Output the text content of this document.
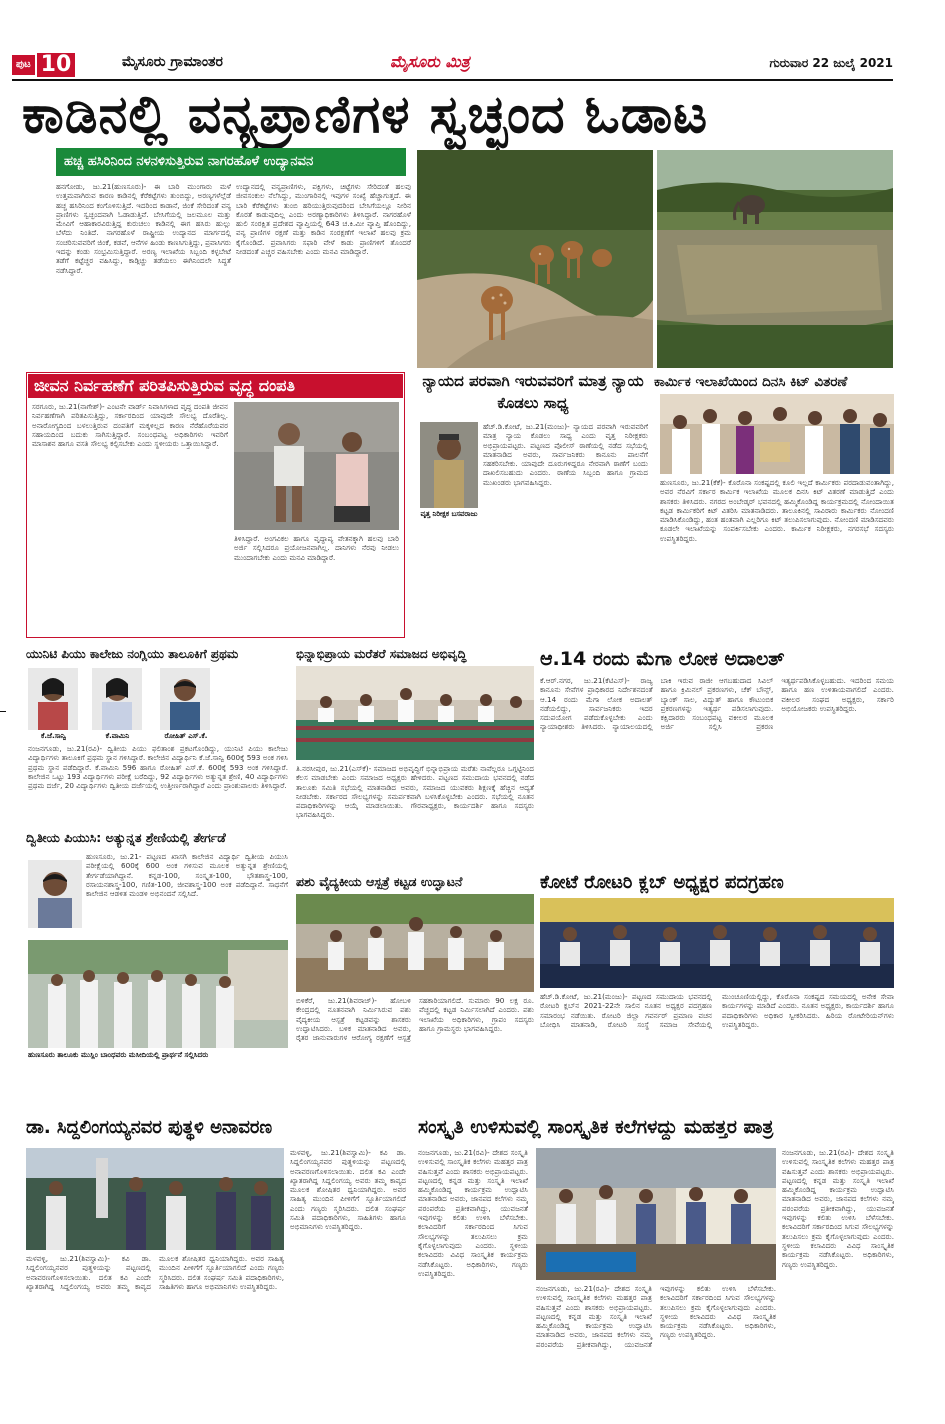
ಪುಟ 10	ಮೈಸೂರು ಗ್ರಾಮಾಂತರ	ಮೈಸೂರು ಮಿತ್ರ	ಗುರುವಾರ 22 ಜುಲೈ 2021
ಕಾಡಿನಲ್ಲಿ ವನ್ಯಪ್ರಾಣಿಗಳ ಸ್ವಚ್ಛಂದ ಓಡಾಟ
ಹಚ್ಚ ಹಸಿರಿನಿಂದ ನಳನಳಿಸುತ್ತಿರುವ ನಾಗರಹೊಳೆ ಉದ್ಯಾನವನ
ಹನಗೋಡು, ಜು.21(ಹುಣಸೂರು)- ಈ ಬಾರಿ ಮುಂಗಾರು ಮಳೆ ಉತ್ತಮವಾಗಿರುವ ಕಾರಣ ಕಾಡಿನಲ್ಲಿ ಕೆರೆಕಟ್ಟೆಗಳು ತುಂಬಿದ್ದು, ಅರಣ್ಯಗಳೆಲ್ಲೆಡೆ ಹಚ್ಚ ಹಸಿರಿನಿಂದ ಕಂಗೊಳಿಸುತ್ತಿದೆ. ಇದರಿಂದ ಕಾಡಾನೆ, ಜಿಂಕೆ ಸೇರಿದಂತೆ ವನ್ಯ ಪ್ರಾಣಿಗಳು ಸ್ವಚ್ಛಂದವಾಗಿ ಓಡಾಡುತ್ತಿವೆ. ಬೇಸಿಗೆಯಲ್ಲಿ ಜಲಮೂಲ ಮತ್ತು ಮೇವಿಗೆ ಆಹಾಕಾರವಿರುತ್ತಿದ್ದ ಕುರುಚಲು ಕಾಡಿನಲ್ಲಿ ಈಗ ಹಸಿರು ಹುಲ್ಲು ಬೆಳೆದು ನಿಂತಿದೆ. ನಾಗರಹೊಳೆ ರಾಷ್ಟ್ರೀಯ ಉದ್ಯಾನದ ಮಾರ್ಗದಲ್ಲಿ ಸಂಚರಿಸುವವರಿಗೆ ಜಿಂಕೆ, ಕಡವೆ, ಆನೆಗಳ ಹಿಂಡು ಕಾಣಸಿಗುತ್ತಿದ್ದು, ಪ್ರವಾಸಿಗರು ಇದನ್ನು ಕಂಡು ಸಂಭ್ರಮಿಸುತ್ತಿದ್ದಾರೆ. ಅರಣ್ಯ ಇಲಾಖೆಯ ಸಿಬ್ಬಂದಿ ಕಳ್ಳಬೇಟೆ ತಡೆಗೆ ಕಟ್ಟೆಚ್ಚರ ವಹಿಸಿದ್ದು, ಕಾಡ್ಗಿಚ್ಚು ತಡೆಯಲು ಈಗಿನಿಂದಲೇ ಸಿದ್ಧತೆ ನಡೆಸಿದ್ದಾರೆ.
ಉದ್ಯಾನದಲ್ಲಿ ವನ್ಯಪ್ರಾಣಿಗಳು, ಪಕ್ಷಿಗಳು, ಚಿಟ್ಟೆಗಳು ಸೇರಿದಂತೆ ಹಲವು ಜೀವಸಂಕುಲ ನೆಲೆಸಿದ್ದು, ಮುಂಗಾರಿನಲ್ಲಿ ಇವುಗಳ ಸಂಖ್ಯೆ ಹೆಚ್ಚಾಗುತ್ತದೆ. ಈ ಬಾರಿ ಕೆರೆಕಟ್ಟೆಗಳು ತುಂಬಿ ಹರಿಯುತ್ತಿರುವುದರಿಂದ ಬೇಸಿಗೆಯಲ್ಲೂ ನೀರಿನ ಕೊರತೆ ಕಾಡುವುದಿಲ್ಲ ಎಂದು ಅರಣ್ಯಾಧಿಕಾರಿಗಳು ತಿಳಿಸಿದ್ದಾರೆ. ನಾಗರಹೊಳೆ ಹುಲಿ ಸಂರಕ್ಷಿತ ಪ್ರದೇಶದ ವ್ಯಾಪ್ತಿಯಲ್ಲಿ 643 ಚ.ಕಿ.ಮೀ ವ್ಯಾಪ್ತಿ ಹೊಂದಿದ್ದು, ವನ್ಯ ಪ್ರಾಣಿಗಳ ರಕ್ಷಣೆ ಮತ್ತು ಕಾಡಿನ ಸಂರಕ್ಷಣೆಗೆ ಇಲಾಖೆ ಹಲವು ಕ್ರಮ ಕೈಗೊಂಡಿದೆ. ಪ್ರವಾಸಿಗರು ಸಫಾರಿ ವೇಳೆ ಕಾಡು ಪ್ರಾಣಿಗಳಿಗೆ ತೊಂದರೆ ನೀಡದಂತೆ ಎಚ್ಚರ ವಹಿಸಬೇಕು ಎಂದು ಮನವಿ ಮಾಡಿದ್ದಾರೆ.
ಜೀವನ ನಿರ್ವಹಣೆಗೆ ಪರಿತಪಿಸುತ್ತಿರುವ ವೃದ್ಧ ದಂಪತಿ
ಸರಗೂರು, ಜು.21(ನಾಗೇಶ್)- ಎಂಟನೇ ವಾರ್ಡ್ ನಿವಾಸಿಗಳಾದ ವೃದ್ಧ ದಂಪತಿ ಜೀವನ ನಿರ್ವಹಣೆಗಾಗಿ ಪರಿತಪಿಸುತ್ತಿದ್ದು, ಸರ್ಕಾರದಿಂದ ಯಾವುದೇ ಸೌಲಭ್ಯ ದೊರೆತಿಲ್ಲ. ಅನಾರೋಗ್ಯದಿಂದ ಬಳಲುತ್ತಿರುವ ದಂಪತಿಗೆ ಮಕ್ಕಳಿಲ್ಲದ ಕಾರಣ ನೆರೆಹೊರೆಯವರ ಸಹಾಯದಿಂದ ಬದುಕು ಸಾಗಿಸುತ್ತಿದ್ದಾರೆ. ಸಂಬಂಧಪಟ್ಟ ಅಧಿಕಾರಿಗಳು ಇವರಿಗೆ ಮಾಸಾಶನ ಹಾಗೂ ವಸತಿ ಸೌಲಭ್ಯ ಕಲ್ಪಿಸಬೇಕು ಎಂದು ಸ್ಥಳೀಯರು ಒತ್ತಾಯಿಸಿದ್ದಾರೆ.
ತಿಳಿಸಿದ್ದಾರೆ. ಅಂಗವಿಕಲ ಹಾಗೂ ವೃದ್ಧಾಪ್ಯ ವೇತನಕ್ಕಾಗಿ ಹಲವು ಬಾರಿ ಅರ್ಜಿ ಸಲ್ಲಿಸಿದರೂ ಪ್ರಯೋಜನವಾಗಿಲ್ಲ. ದಾನಿಗಳು ನೆರವು ನೀಡಲು ಮುಂದಾಗಬೇಕು ಎಂದು ಮನವಿ ಮಾಡಿದ್ದಾರೆ.
ನ್ಯಾಯದ ಪರವಾಗಿ ಇರುವವರಿಗೆ ಮಾತ್ರ ನ್ಯಾಯ ಕೊಡಲು ಸಾಧ್ಯ
ವೃತ್ತ ನಿರೀಕ್ಷಕ ಬಸವರಾಜು
ಹೆಚ್.ಡಿ.ಕೋಟೆ, ಜು.21(ಮಂಜು)- ನ್ಯಾಯದ ಪರವಾಗಿ ಇರುವವರಿಗೆ ಮಾತ್ರ ನ್ಯಾಯ ಕೊಡಲು ಸಾಧ್ಯ ಎಂದು ವೃತ್ತ ನಿರೀಕ್ಷಕರು ಅಭಿಪ್ರಾಯಪಟ್ಟರು. ಪಟ್ಟಣದ ಪೊಲೀಸ್ ಠಾಣೆಯಲ್ಲಿ ನಡೆದ ಸಭೆಯಲ್ಲಿ ಮಾತನಾಡಿದ ಅವರು, ಸಾರ್ವಜನಿಕರು ಕಾನೂನು ಪಾಲನೆಗೆ ಸಹಕರಿಸಬೇಕು. ಯಾವುದೇ ದೂರುಗಳಿದ್ದರೂ ನೇರವಾಗಿ ಠಾಣೆಗೆ ಬಂದು ದಾಖಲಿಸಬಹುದು ಎಂದರು. ಠಾಣೆಯ ಸಿಬ್ಬಂದಿ ಹಾಗೂ ಗ್ರಾಮದ ಮುಖಂಡರು ಭಾಗವಹಿಸಿದ್ದರು.
ಕಾರ್ಮಿಕ ಇಲಾಖೆಯಿಂದ ದಿನಸಿ ಕಿಟ್ ವಿತರಣೆ
ಹುಣಸೂರು, ಜು.21(ಕೆಕೆ)- ಕೊರೊನಾ ಸಂಕಷ್ಟದಲ್ಲಿ ಕೂಲಿ ಇಲ್ಲದೆ ಕಾರ್ಮಿಕರು ಪರದಾಡುವಂತಾಗಿದ್ದು, ಅವರ ನೆರವಿಗೆ ಸರ್ಕಾರ ಕಾರ್ಮಿಕ ಇಲಾಖೆಯ ಮೂಲಕ ದಿನಸಿ ಕಿಟ್ ವಿತರಣೆ ಮಾಡುತ್ತಿದೆ ಎಂದು ಶಾಸಕರು ತಿಳಿಸಿದರು. ನಗರದ ಅಂಬೇಡ್ಕರ್ ಭವನದಲ್ಲಿ ಹಮ್ಮಿಕೊಂಡಿದ್ದ ಕಾರ್ಯಕ್ರಮದಲ್ಲಿ ನೋಂದಾಯಿತ ಕಟ್ಟಡ ಕಾರ್ಮಿಕರಿಗೆ ಕಿಟ್ ವಿತರಿಸಿ ಮಾತನಾಡಿದರು. ತಾಲೂಕಿನಲ್ಲಿ ಸಾವಿರಾರು ಕಾರ್ಮಿಕರು ನೋಂದಣಿ ಮಾಡಿಸಿಕೊಂಡಿದ್ದು, ಹಂತ ಹಂತವಾಗಿ ಎಲ್ಲರಿಗೂ ಕಿಟ್ ತಲುಪಿಸಲಾಗುವುದು. ನೋಂದಣಿ ಮಾಡಿಸದವರು ಕೂಡಲೇ ಇಲಾಖೆಯನ್ನು ಸಂಪರ್ಕಿಸಬೇಕು ಎಂದರು. ಕಾರ್ಮಿಕ ನಿರೀಕ್ಷಕರು, ನಗರಸಭೆ ಸದಸ್ಯರು ಉಪಸ್ಥಿತರಿದ್ದರು.
ಯುನಿಟಿ ಪಿಯು ಕಾಲೇಜು ನಂಗ್ಲಿಯು ತಾಲೂಕಿಗೆ ಪ್ರಥಮ
ಕೆ.ಜೆ.ಸಾನ್ವಿ	ಕೆ.ವಾಮಿನಿ	ರೋಹಿತ್ ಎಸ್.ಕೆ.
ನಂಜನಗೂಡು, ಜು.21(ರವಿ)- ದ್ವಿತೀಯ ಪಿಯು ಫಲಿತಾಂಶ ಪ್ರಕಟಗೊಂಡಿದ್ದು, ಯುನಿಟಿ ಪಿಯು ಕಾಲೇಜು ವಿದ್ಯಾರ್ಥಿಗಳು ತಾಲೂಕಿಗೆ ಪ್ರಥಮ ಸ್ಥಾನ ಗಳಿಸಿದ್ದಾರೆ. ಕಾಲೇಜಿನ ವಿದ್ಯಾರ್ಥಿನಿ ಕೆ.ಜೆ.ಸಾನ್ವಿ 600ಕ್ಕೆ 593 ಅಂಕ ಗಳಿಸಿ ಪ್ರಥಮ ಸ್ಥಾನ ಪಡೆದಿದ್ದಾರೆ. ಕೆ.ವಾಮಿನಿ 596 ಹಾಗೂ ರೋಹಿತ್ ಎಸ್.ಕೆ. 600ಕ್ಕೆ 593 ಅಂಕ ಗಳಿಸಿದ್ದಾರೆ. ಕಾಲೇಜಿನ ಒಟ್ಟು 193 ವಿದ್ಯಾರ್ಥಿಗಳು ಪರೀಕ್ಷೆ ಬರೆದಿದ್ದು, 92 ವಿದ್ಯಾರ್ಥಿಗಳು ಅತ್ಯುನ್ನತ ಶ್ರೇಣಿ, 40 ವಿದ್ಯಾರ್ಥಿಗಳು ಪ್ರಥಮ ದರ್ಜೆ, 20 ವಿದ್ಯಾರ್ಥಿಗಳು ದ್ವಿತೀಯ ದರ್ಜೆಯಲ್ಲಿ ಉತ್ತೀರ್ಣರಾಗಿದ್ದಾರೆ ಎಂದು ಪ್ರಾಂಶುಪಾಲರು ತಿಳಿಸಿದ್ದಾರೆ.
ದ್ವಿತೀಯ ಪಿಯುಸಿ: ಅತ್ಯುನ್ನತ ಶ್ರೇಣಿಯಲ್ಲಿ ತೇರ್ಗಡೆ
ಹುಣಸೂರು, ಜು.21- ಪಟ್ಟಣದ ಖಾಸಗಿ ಕಾಲೇಜಿನ ವಿದ್ಯಾರ್ಥಿ ದ್ವಿತೀಯ ಪಿಯುಸಿ ಪರೀಕ್ಷೆಯಲ್ಲಿ 600ಕ್ಕೆ 600 ಅಂಕ ಗಳಿಸುವ ಮೂಲಕ ಅತ್ಯುನ್ನತ ಶ್ರೇಣಿಯಲ್ಲಿ ತೇರ್ಗಡೆಯಾಗಿದ್ದಾನೆ. ಕನ್ನಡ-100, ಸಂಸ್ಕೃತ-100, ಭೌತಶಾಸ್ತ್ರ-100, ರಸಾಯನಶಾಸ್ತ್ರ-100, ಗಣಿತ-100, ಜೀವಶಾಸ್ತ್ರ-100 ಅಂಕ ಪಡೆದಿದ್ದಾನೆ. ಸಾಧನೆಗೆ ಕಾಲೇಜಿನ ಆಡಳಿತ ಮಂಡಳಿ ಅಭಿನಂದನೆ ಸಲ್ಲಿಸಿದೆ.
ಹುಣಸೂರು ತಾಲೂಕು ಮುಸ್ಲಿಂ ಬಾಂಧವರು ಮಸೀದಿಯಲ್ಲಿ ಪ್ರಾರ್ಥನೆ ಸಲ್ಲಿಸಿದರು
ಭಿನ್ನಾಭಿಪ್ರಾಯ ಮರೆತರೆ ಸಮಾಜದ ಅಭಿವೃದ್ಧಿ
ತಿ.ನರಸೀಪುರ, ಜು.21(ಎಸ್‌ಕೆ)- ಸಮಾಜದ ಅಭಿವೃದ್ಧಿಗೆ ಭಿನ್ನಾಭಿಪ್ರಾಯ ಮರೆತು ನಾವೆಲ್ಲರೂ ಒಗ್ಗಟ್ಟಿನಿಂದ ಕೆಲಸ ಮಾಡಬೇಕು ಎಂದು ಸಮಾಜದ ಅಧ್ಯಕ್ಷರು ಹೇಳಿದರು. ಪಟ್ಟಣದ ಸಮುದಾಯ ಭವನದಲ್ಲಿ ನಡೆದ ತಾಲೂಕು ಸಮಿತಿ ಸಭೆಯಲ್ಲಿ ಮಾತನಾಡಿದ ಅವರು, ಸಮಾಜದ ಯುವಕರು ಶಿಕ್ಷಣಕ್ಕೆ ಹೆಚ್ಚಿನ ಆದ್ಯತೆ ನೀಡಬೇಕು. ಸರ್ಕಾರದ ಸೌಲಭ್ಯಗಳನ್ನು ಸಮರ್ಪಕವಾಗಿ ಬಳಸಿಕೊಳ್ಳಬೇಕು ಎಂದರು. ಸಭೆಯಲ್ಲಿ ನೂತನ ಪದಾಧಿಕಾರಿಗಳನ್ನು ಆಯ್ಕೆ ಮಾಡಲಾಯಿತು. ಗೌರವಾಧ್ಯಕ್ಷರು, ಕಾರ್ಯದರ್ಶಿ ಹಾಗೂ ಸದಸ್ಯರು ಭಾಗವಹಿಸಿದ್ದರು.
ಆ.14 ರಂದು ಮೆಗಾ ಲೋಕ ಅದಾಲತ್
ಕೆ.ಆರ್.ನಗರ, ಜು.21(ಕೆಟಿಎಸ್)- ರಾಜ್ಯ ಕಾನೂನು ಸೇವೆಗಳ ಪ್ರಾಧಿಕಾರದ ನಿರ್ದೇಶನದಂತೆ ಆ.14 ರಂದು ಮೆಗಾ ಲೋಕ ಅದಾಲತ್ ನಡೆಯಲಿದ್ದು, ಸಾರ್ವಜನಿಕರು ಇದರ ಸದುಪಯೋಗ ಪಡೆದುಕೊಳ್ಳಬೇಕು ಎಂದು ನ್ಯಾಯಾಧೀಶರು ತಿಳಿಸಿದರು. ನ್ಯಾಯಾಲಯದಲ್ಲಿ ಬಾಕಿ ಇರುವ ರಾಜೀ ಆಗಬಹುದಾದ ಸಿವಿಲ್ ಹಾಗೂ ಕ್ರಿಮಿನಲ್ ಪ್ರಕರಣಗಳು, ಚೆಕ್ ಬೌನ್ಸ್, ಬ್ಯಾಂಕ್ ಸಾಲ, ವಿದ್ಯುತ್ ಹಾಗೂ ಕೌಟುಂಬಿಕ ಪ್ರಕರಣಗಳನ್ನು ಇತ್ಯರ್ಥ ಪಡಿಸಲಾಗುವುದು. ಕಕ್ಷಿದಾರರು ಸಂಬಂಧಪಟ್ಟ ವಕೀಲರ ಮೂಲಕ ಅರ್ಜಿ ಸಲ್ಲಿಸಿ ಪ್ರಕರಣ ಇತ್ಯರ್ಥಪಡಿಸಿಕೊಳ್ಳಬಹುದು. ಇದರಿಂದ ಸಮಯ ಹಾಗೂ ಹಣ ಉಳಿತಾಯವಾಗಲಿದೆ ಎಂದರು. ವಕೀಲರ ಸಂಘದ ಅಧ್ಯಕ್ಷರು, ಸರ್ಕಾರಿ ಅಭಿಯೋಜಕರು ಉಪಸ್ಥಿತರಿದ್ದರು.
ಕೋಟೆ ರೋಟರಿ ಕ್ಲಬ್ ಅಧ್ಯಕ್ಷರ ಪದಗ್ರಹಣ
ಹೆಚ್.ಡಿ.ಕೋಟೆ, ಜು.21(ಮಂಜು)- ಪಟ್ಟಣದ ಸಮುದಾಯ ಭವನದಲ್ಲಿ ರೋಟರಿ ಕ್ಲಬ್‌ನ 2021-22ನೇ ಸಾಲಿನ ನೂತನ ಅಧ್ಯಕ್ಷರ ಪದಗ್ರಹಣ ಸಮಾರಂಭ ನಡೆಯಿತು. ರೋಟರಿ ಜಿಲ್ಲಾ ಗವರ್ನರ್ ಪ್ರಮಾಣ ವಚನ ಬೋಧಿಸಿ ಮಾತನಾಡಿ, ರೋಟರಿ ಸಂಸ್ಥೆ ಸಮಾಜ ಸೇವೆಯಲ್ಲಿ ಮುಂಚೂಣಿಯಲ್ಲಿದ್ದು, ಕೊರೊನಾ ಸಂಕಷ್ಟದ ಸಮಯದಲ್ಲಿ ಅನೇಕ ಸೇವಾ ಕಾರ್ಯಗಳನ್ನು ಮಾಡಿದೆ ಎಂದರು. ನೂತನ ಅಧ್ಯಕ್ಷರು, ಕಾರ್ಯದರ್ಶಿ ಹಾಗೂ ಪದಾಧಿಕಾರಿಗಳು ಅಧಿಕಾರ ಸ್ವೀಕರಿಸಿದರು. ಹಿರಿಯ ರೋಟೇರಿಯನ್‌ಗಳು ಉಪಸ್ಥಿತರಿದ್ದರು.
ಪಶು ವೈದ್ಯಕೀಯ ಆಸ್ಪತ್ರೆ ಕಟ್ಟಡ ಉದ್ಘಾಟನೆ
ಬಿಳಿಕೆರೆ, ಜು.21(ಶಿವರಾಜ್)- ಹೋಬಳಿ ಕೇಂದ್ರದಲ್ಲಿ ನೂತನವಾಗಿ ನಿರ್ಮಿಸಿರುವ ಪಶು ವೈದ್ಯಕೀಯ ಆಸ್ಪತ್ರೆ ಕಟ್ಟಡವನ್ನು ಶಾಸಕರು ಉದ್ಘಾಟಿಸಿದರು. ಬಳಿಕ ಮಾತನಾಡಿದ ಅವರು, ರೈತರ ಜಾನುವಾರುಗಳ ಆರೋಗ್ಯ ರಕ್ಷಣೆಗೆ ಆಸ್ಪತ್ರೆ ಸಹಕಾರಿಯಾಗಲಿದೆ. ಸುಮಾರು 90 ಲಕ್ಷ ರೂ. ವೆಚ್ಚದಲ್ಲಿ ಕಟ್ಟಡ ನಿರ್ಮಿಸಲಾಗಿದೆ ಎಂದರು. ಪಶು ಇಲಾಖೆಯ ಅಧಿಕಾರಿಗಳು, ಗ್ರಾಪಂ ಸದಸ್ಯರು ಹಾಗೂ ಗ್ರಾಮಸ್ಥರು ಭಾಗವಹಿಸಿದ್ದರು.
ಡಾ. ಸಿದ್ದಲಿಂಗಯ್ಯನವರ ಪುತ್ಥಳಿ ಅನಾವರಣ
ಮಳವಳ್ಳಿ, ಜು.21(ಶಿವಸ್ವಾಮಿ)- ಕವಿ ಡಾ. ಸಿದ್ದಲಿಂಗಯ್ಯನವರ ಪುತ್ಥಳಿಯನ್ನು ಪಟ್ಟಣದಲ್ಲಿ ಅನಾವರಣಗೊಳಿಸಲಾಯಿತು. ದಲಿತ ಕವಿ ಎಂದೇ ಖ್ಯಾತರಾಗಿದ್ದ ಸಿದ್ದಲಿಂಗಯ್ಯ ಅವರು ತಮ್ಮ ಕಾವ್ಯದ ಮೂಲಕ ಶೋಷಿತರ ಧ್ವನಿಯಾಗಿದ್ದರು. ಅವರ ಸಾಹಿತ್ಯ ಮುಂದಿನ ಪೀಳಿಗೆಗೆ ಸ್ಫೂರ್ತಿಯಾಗಲಿದೆ ಎಂದು ಗಣ್ಯರು ಸ್ಮರಿಸಿದರು. ದಲಿತ ಸಂಘರ್ಷ ಸಮಿತಿ ಪದಾಧಿಕಾರಿಗಳು, ಸಾಹಿತಿಗಳು ಹಾಗೂ ಅಭಿಮಾನಿಗಳು ಉಪಸ್ಥಿತರಿದ್ದರು.
ಮಳವಳ್ಳಿ, ಜು.21(ಶಿವಸ್ವಾಮಿ)- ಕವಿ ಡಾ. ಸಿದ್ದಲಿಂಗಯ್ಯನವರ ಪುತ್ಥಳಿಯನ್ನು ಪಟ್ಟಣದಲ್ಲಿ ಅನಾವರಣಗೊಳಿಸಲಾಯಿತು. ದಲಿತ ಕವಿ ಎಂದೇ ಖ್ಯಾತರಾಗಿದ್ದ ಸಿದ್ದಲಿಂಗಯ್ಯ ಅವರು ತಮ್ಮ ಕಾವ್ಯದ ಮೂಲಕ ಶೋಷಿತರ ಧ್ವನಿಯಾಗಿದ್ದರು. ಅವರ ಸಾಹಿತ್ಯ ಮುಂದಿನ ಪೀಳಿಗೆಗೆ ಸ್ಫೂರ್ತಿಯಾಗಲಿದೆ ಎಂದು ಗಣ್ಯರು ಸ್ಮರಿಸಿದರು. ದಲಿತ ಸಂಘರ್ಷ ಸಮಿತಿ ಪದಾಧಿಕಾರಿಗಳು, ಸಾಹಿತಿಗಳು ಹಾಗೂ ಅಭಿಮಾನಿಗಳು ಉಪಸ್ಥಿತರಿದ್ದರು.
ಸಂಸ್ಕೃತಿ ಉಳಿಸುವಲ್ಲಿ ಸಾಂಸ್ಕೃತಿಕ ಕಲೆಗಳದ್ದು ಮಹತ್ತರ ಪಾತ್ರ
ನಂಜನಗೂಡು, ಜು.21(ರವಿ)- ದೇಶದ ಸಂಸ್ಕೃತಿ ಉಳಿಸುವಲ್ಲಿ ಸಾಂಸ್ಕೃತಿಕ ಕಲೆಗಳು ಮಹತ್ತರ ಪಾತ್ರ ವಹಿಸುತ್ತವೆ ಎಂದು ಶಾಸಕರು ಅಭಿಪ್ರಾಯಪಟ್ಟರು. ಪಟ್ಟಣದಲ್ಲಿ ಕನ್ನಡ ಮತ್ತು ಸಂಸ್ಕೃತಿ ಇಲಾಖೆ ಹಮ್ಮಿಕೊಂಡಿದ್ದ ಕಾರ್ಯಕ್ರಮ ಉದ್ಘಾಟಿಸಿ ಮಾತನಾಡಿದ ಅವರು, ಜಾನಪದ ಕಲೆಗಳು ನಮ್ಮ ಪರಂಪರೆಯ ಪ್ರತೀಕವಾಗಿದ್ದು, ಯುವಜನತೆ ಇವುಗಳನ್ನು ಕಲಿತು ಉಳಿಸಿ ಬೆಳೆಸಬೇಕು. ಕಲಾವಿದರಿಗೆ ಸರ್ಕಾರದಿಂದ ಸಿಗುವ ಸೌಲಭ್ಯಗಳನ್ನು ತಲುಪಿಸಲು ಕ್ರಮ ಕೈಗೊಳ್ಳಲಾಗುವುದು ಎಂದರು. ಸ್ಥಳೀಯ ಕಲಾವಿದರು ವಿವಿಧ ಸಾಂಸ್ಕೃತಿಕ ಕಾರ್ಯಕ್ರಮ ನಡೆಸಿಕೊಟ್ಟರು. ಅಧಿಕಾರಿಗಳು, ಗಣ್ಯರು ಉಪಸ್ಥಿತರಿದ್ದರು.
ನಂಜನಗೂಡು, ಜು.21(ರವಿ)- ದೇಶದ ಸಂಸ್ಕೃತಿ ಉಳಿಸುವಲ್ಲಿ ಸಾಂಸ್ಕೃತಿಕ ಕಲೆಗಳು ಮಹತ್ತರ ಪಾತ್ರ ವಹಿಸುತ್ತವೆ ಎಂದು ಶಾಸಕರು ಅಭಿಪ್ರಾಯಪಟ್ಟರು. ಪಟ್ಟಣದಲ್ಲಿ ಕನ್ನಡ ಮತ್ತು ಸಂಸ್ಕೃತಿ ಇಲಾಖೆ ಹಮ್ಮಿಕೊಂಡಿದ್ದ ಕಾರ್ಯಕ್ರಮ ಉದ್ಘಾಟಿಸಿ ಮಾತನಾಡಿದ ಅವರು, ಜಾನಪದ ಕಲೆಗಳು ನಮ್ಮ ಪರಂಪರೆಯ ಪ್ರತೀಕವಾಗಿದ್ದು, ಯುವಜನತೆ ಇವುಗಳನ್ನು ಕಲಿತು ಉಳಿಸಿ ಬೆಳೆಸಬೇಕು. ಕಲಾವಿದರಿಗೆ ಸರ್ಕಾರದಿಂದ ಸಿಗುವ ಸೌಲಭ್ಯಗಳನ್ನು ತಲುಪಿಸಲು ಕ್ರಮ ಕೈಗೊಳ್ಳಲಾಗುವುದು ಎಂದರು. ಸ್ಥಳೀಯ ಕಲಾವಿದರು ವಿವಿಧ ಸಾಂಸ್ಕೃತಿಕ ಕಾರ್ಯಕ್ರಮ ನಡೆಸಿಕೊಟ್ಟರು. ಅಧಿಕಾರಿಗಳು, ಗಣ್ಯರು ಉಪಸ್ಥಿತರಿದ್ದರು.
ನಂಜನಗೂಡು, ಜು.21(ರವಿ)- ದೇಶದ ಸಂಸ್ಕೃತಿ ಉಳಿಸುವಲ್ಲಿ ಸಾಂಸ್ಕೃತಿಕ ಕಲೆಗಳು ಮಹತ್ತರ ಪಾತ್ರ ವಹಿಸುತ್ತವೆ ಎಂದು ಶಾಸಕರು ಅಭಿಪ್ರಾಯಪಟ್ಟರು. ಪಟ್ಟಣದಲ್ಲಿ ಕನ್ನಡ ಮತ್ತು ಸಂಸ್ಕೃತಿ ಇಲಾಖೆ ಹಮ್ಮಿಕೊಂಡಿದ್ದ ಕಾರ್ಯಕ್ರಮ ಉದ್ಘಾಟಿಸಿ ಮಾತನಾಡಿದ ಅವರು, ಜಾನಪದ ಕಲೆಗಳು ನಮ್ಮ ಪರಂಪರೆಯ ಪ್ರತೀಕವಾಗಿದ್ದು, ಯುವಜನತೆ ಇವುಗಳನ್ನು ಕಲಿತು ಉಳಿಸಿ ಬೆಳೆಸಬೇಕು. ಕಲಾವಿದರಿಗೆ ಸರ್ಕಾರದಿಂದ ಸಿಗುವ ಸೌಲಭ್ಯಗಳನ್ನು ತಲುಪಿಸಲು ಕ್ರಮ ಕೈಗೊಳ್ಳಲಾಗುವುದು ಎಂದರು. ಸ್ಥಳೀಯ ಕಲಾವಿದರು ವಿವಿಧ ಸಾಂಸ್ಕೃತಿಕ ಕಾರ್ಯಕ್ರಮ ನಡೆಸಿಕೊಟ್ಟರು. ಅಧಿಕಾರಿಗಳು, ಗಣ್ಯರು ಉಪಸ್ಥಿತರಿದ್ದರು.
